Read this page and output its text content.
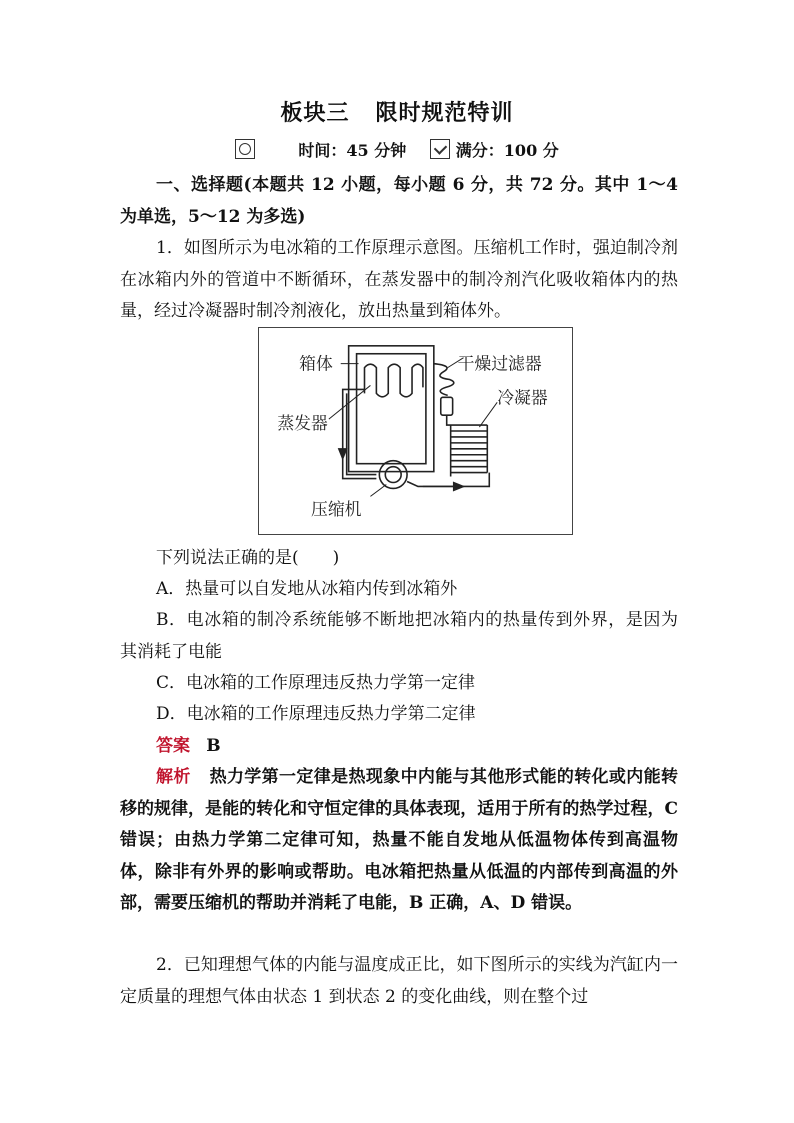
板块三 限时规范特训
时间：45 分钟	满分：100 分
一、选择题(本题共 12 小题，每小题 6 分，共 72 分。其中 1～4 为单选，5～12 为多选)
1．如图所示为电冰箱的工作原理示意图。压缩机工作时，强迫制冷剂在冰箱内外的管道中不断循环，在蒸发器中的制冷剂汽化吸收箱体内的热量，经过冷凝器时制冷剂液化，放出热量到箱体外。
箱体	干燥过滤器
冷凝器
蒸发器
压缩机
下列说法正确的是(　　)
A．热量可以自发地从冰箱内传到冰箱外
B．电冰箱的制冷系统能够不断地把冰箱内的热量传到外界，是因为其消耗了电能
C．电冰箱的工作原理违反热力学第一定律
D．电冰箱的工作原理违反热力学第二定律
答案 B
解析 热力学第一定律是热现象中内能与其他形式能的转化或内能转移的规律，是能的转化和守恒定律的具体表现，适用于所有的热学过程，C 错误；由热力学第二定律可知，热量不能自发地从低温物体传到高温物体，除非有外界的影响或帮助。电冰箱把热量从低温的内部传到高温的外部，需要压缩机的帮助并消耗了电能，B 正确，A、D 错误。
2．已知理想气体的内能与温度成正比，如下图所示的实线为汽缸内一定质量的理想气体由状态 1 到状态 2 的变化曲线，则在整个过
